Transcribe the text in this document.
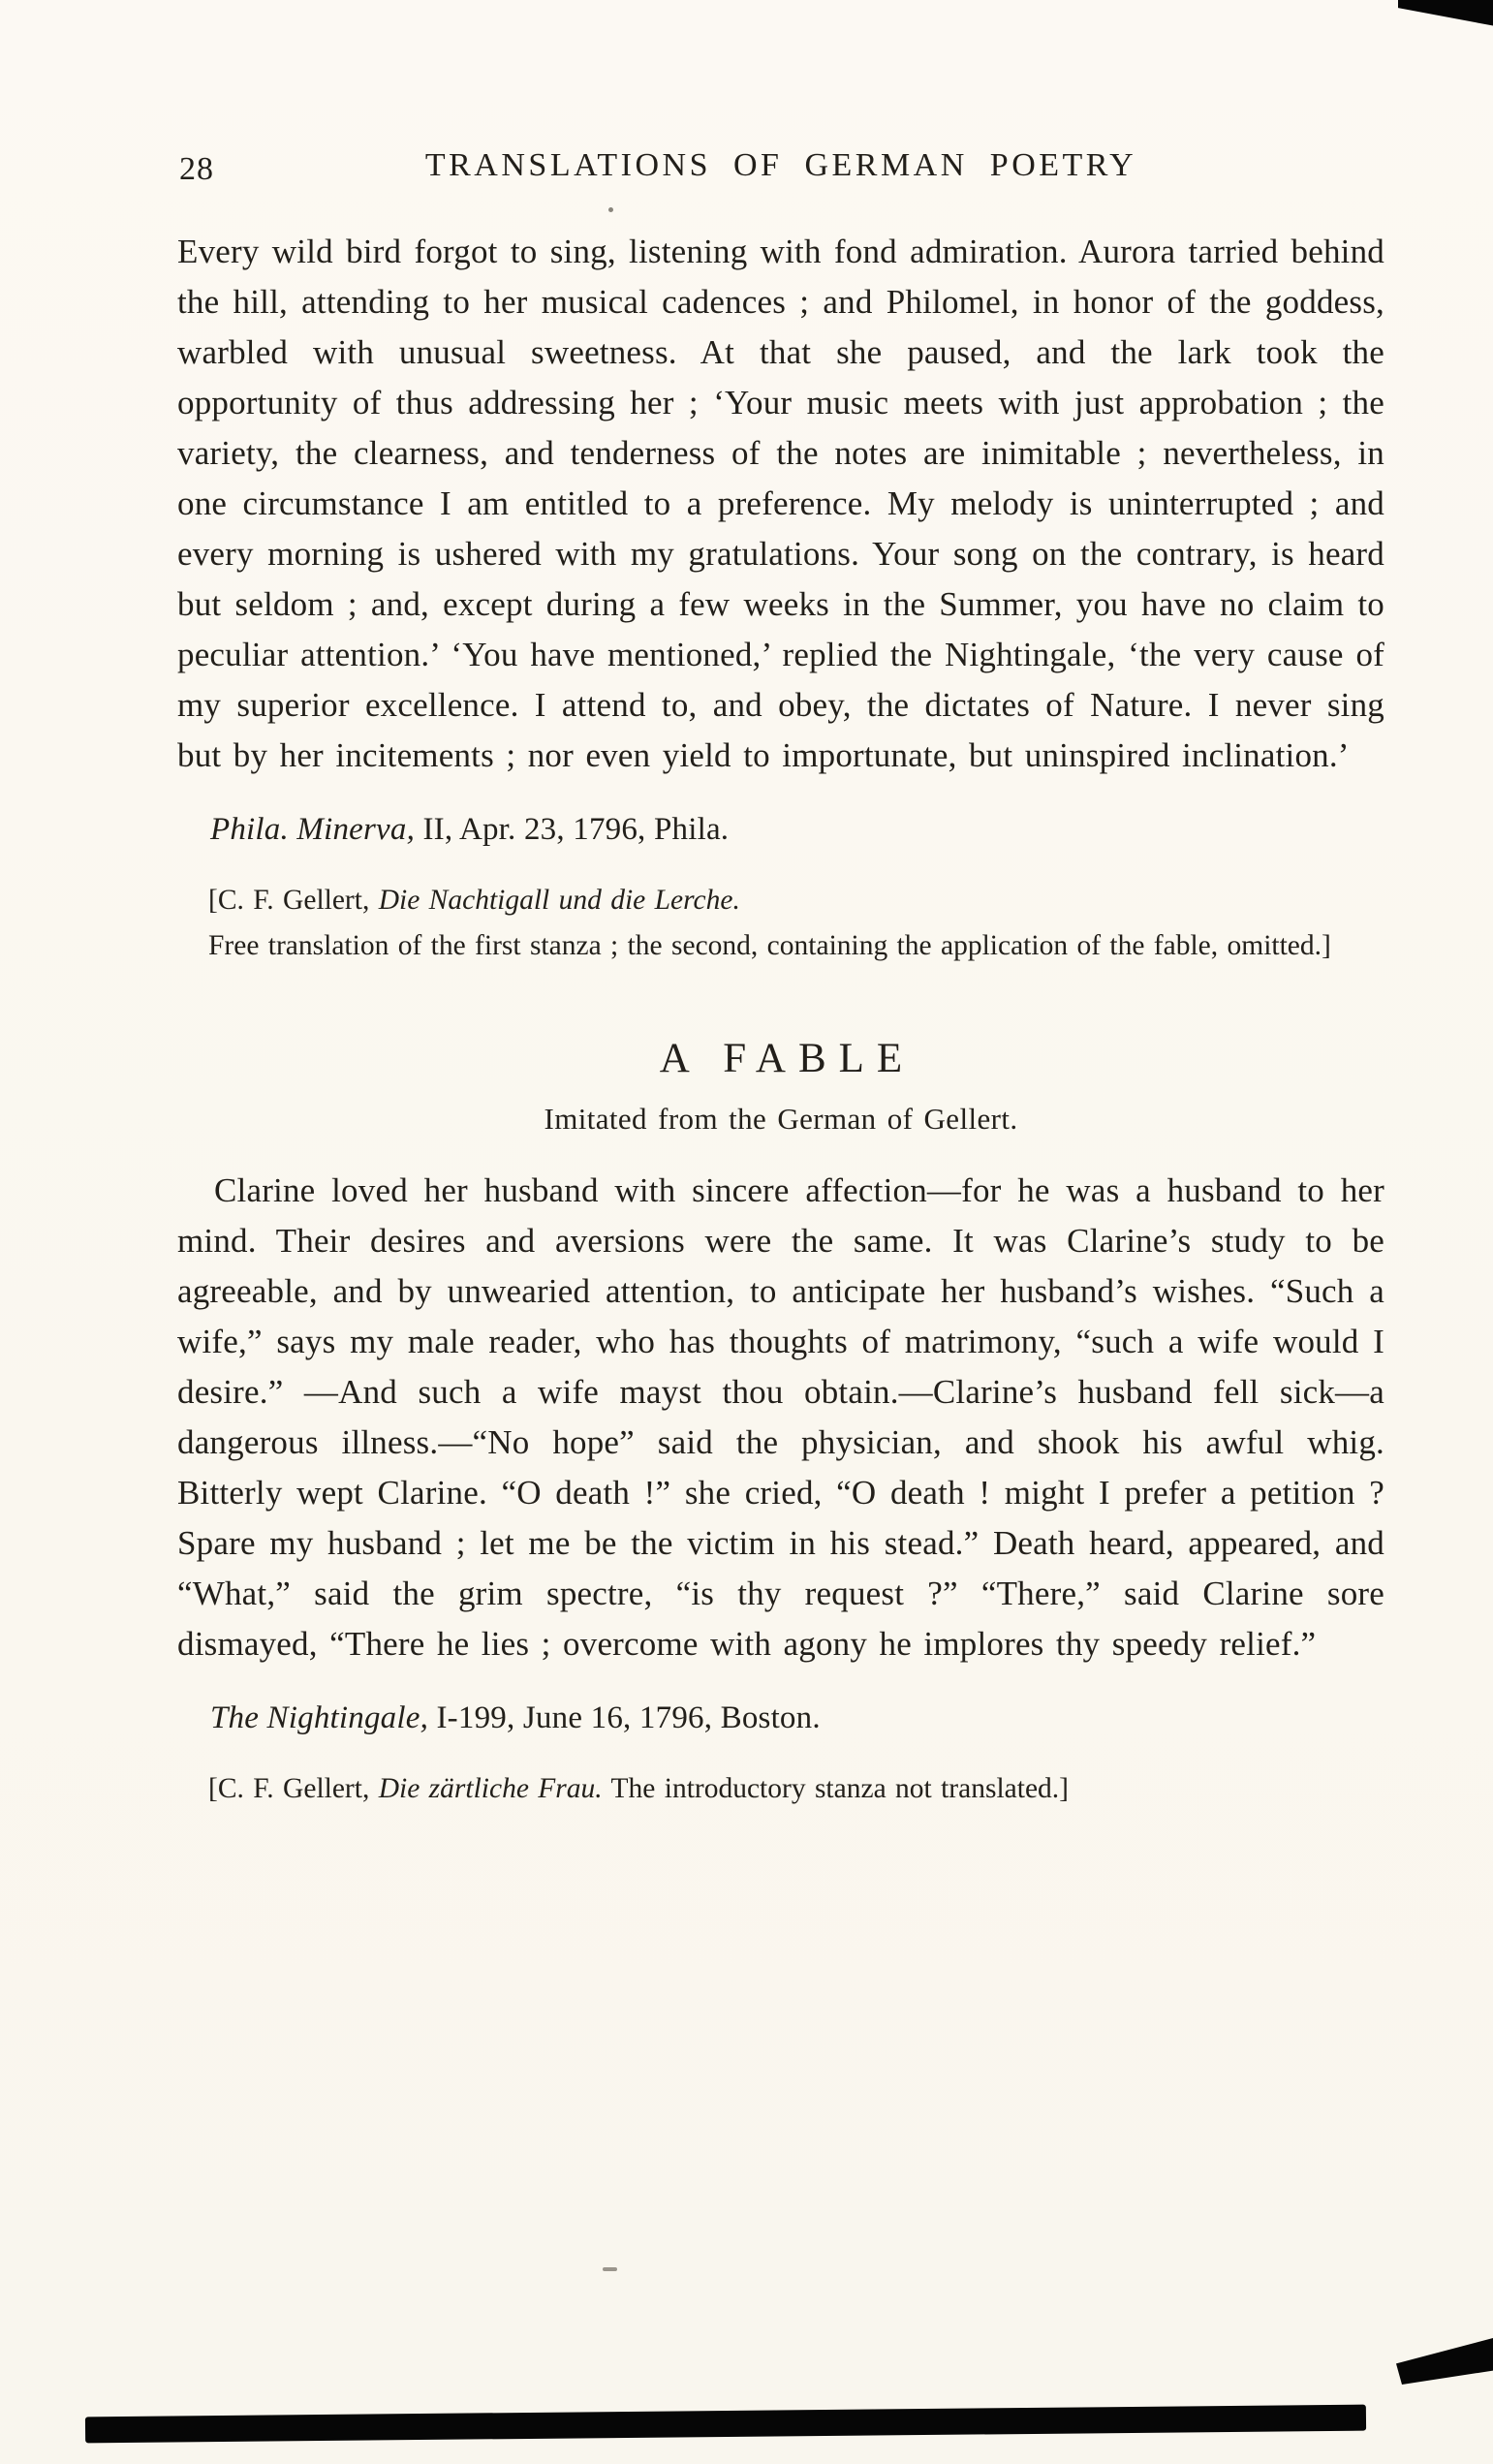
28	TRANSLATIONS OF GERMAN POETRY

Every wild bird forgot to sing, listening with fond admiration. Aurora tarried behind the hill, attending to her musical cadences ; and Philomel, in honor of the goddess, warbled with unusual sweetness. At that she paused, and the lark took the opportunity of thus addressing her ; ‘Your music meets with just approbation ; the variety, the clearness, and tenderness of the notes are inimitable ; nevertheless, in one circumstance I am entitled to a preference. My melody is uninterrupted ; and every morning is ushered with my gratulations. Your song on the contrary, is heard but seldom ; and, except during a few weeks in the Summer, you have no claim to peculiar attention.’ ‘You have mentioned,’ replied the Nightingale, ‘the very cause of my superior excellence. I attend to, and obey, the dictates of Nature. I never sing but by her incitements ; nor even yield to importunate, but uninspired inclination.’

Phila. Minerva, II, Apr. 23, 1796, Phila.

[C. F. Gellert, Die Nachtigall und die Lerche.

Free translation of the first stanza ; the second, containing the application of the fable, omitted.]

A FABLE

Imitated from the German of Gellert.

Clarine loved her husband with sincere affection—for he was a husband to her mind. Their desires and aversions were the same. It was Clarine’s study to be agreeable, and by unwearied attention, to anticipate her husband’s wishes. “Such a wife,” says my male reader, who has thoughts of matrimony, “such a wife would I desire.” —And such a wife mayst thou obtain.—Clarine’s husband fell sick—a dangerous illness.—“No hope” said the physician, and shook his awful whig. Bitterly wept Clarine. “O death !” she cried, “O death ! might I prefer a petition ? Spare my husband ; let me be the victim in his stead.” Death heard, appeared, and “What,” said the grim spectre, “is thy request ?” “There,” said Clarine sore dismayed, “There he lies ; overcome with agony he implores thy speedy relief.”

The Nightingale, I-199, June 16, 1796, Boston.

[C. F. Gellert, Die zärtliche Frau. The introductory stanza not translated.]
